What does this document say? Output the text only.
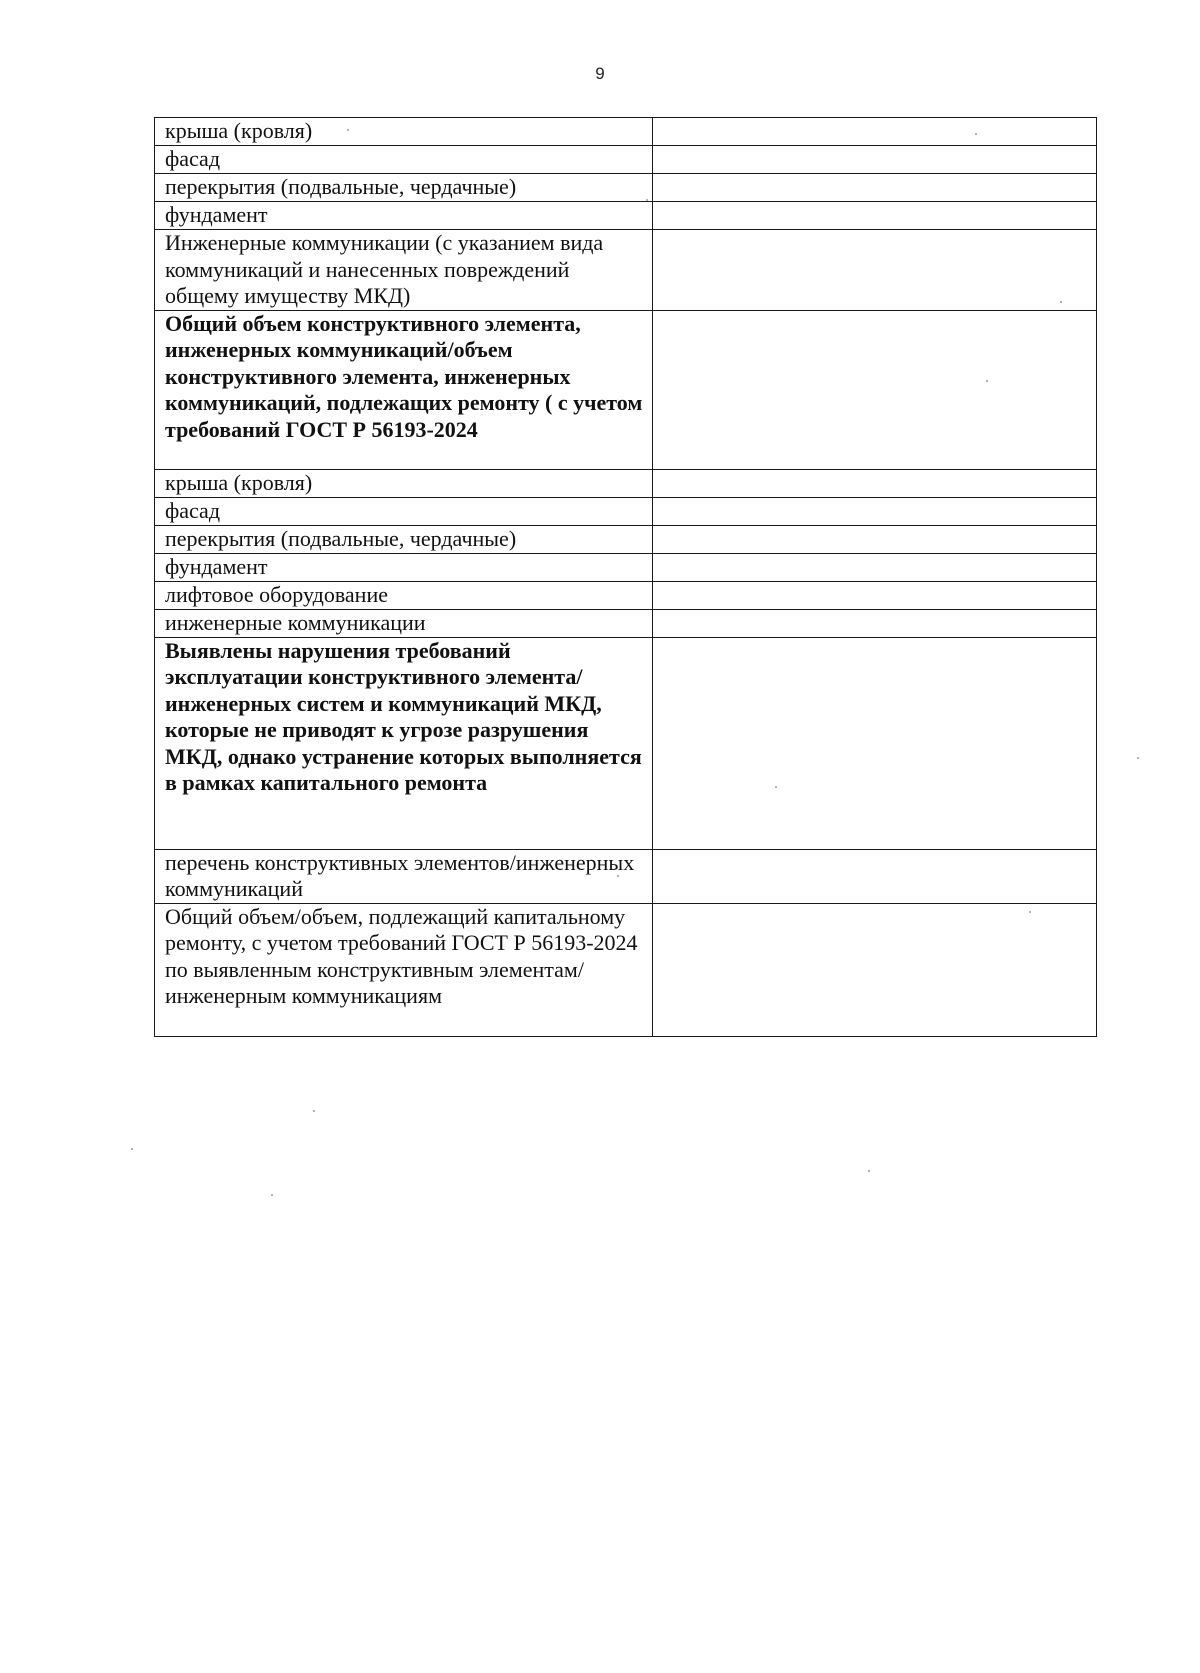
9
крыша (кровля)	
фасад	
перекрытия (подвальные, чердачные)	
фундамент	
Инженерные коммуникации (с указанием вида коммуникаций и нанесенных повреждений общему имуществу МКД)	
Общий объем конструктивного элемента, инженерных коммуникаций/объем конструктивного элемента, инженерных коммуникаций, подлежащих ремонту ( с учетом требований ГОСТ Р 56193-2024	
крыша (кровля)	
фасад	
перекрытия (подвальные, чердачные)	
фундамент	
лифтовое оборудование	
инженерные коммуникации	
Выявлены нарушения требований эксплуатации конструктивного элемента/инженерных систем и коммуникаций МКД, которые не приводят к угрозе разрушения МКД, однако устранение которых выполняется в рамках капитального ремонта	
перечень конструктивных элементов/инженерных коммуникаций	
Общий объем/объем, подлежащий капитальному ремонту, с учетом требований ГОСТ Р 56193-2024 по выявленным конструктивным элементам/инженерным коммуникациям	
